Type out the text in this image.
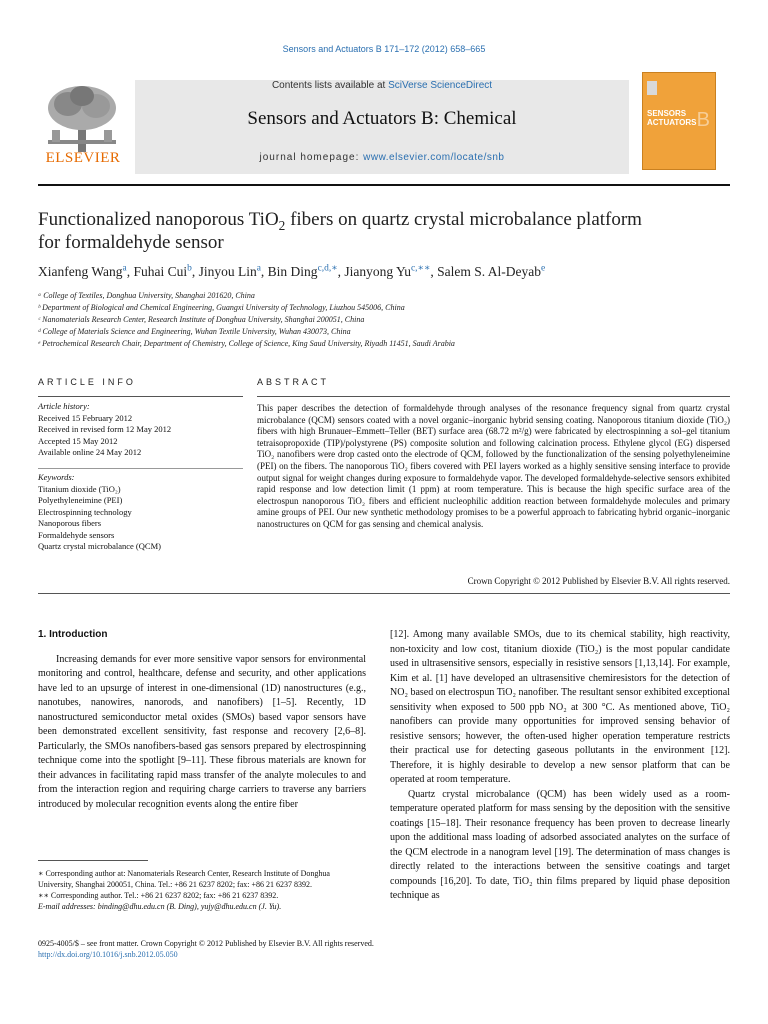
Sensors and Actuators B 171–172 (2012) 658–665
Contents lists available at SciVerse ScienceDirect
Sensors and Actuators B: Chemical
journal homepage: www.elsevier.com/locate/snb
ELSEVIER
SENSORS ACTUATORS B
Functionalized nanoporous TiO$_2$ fibers on quartz crystal microbalance platform
for formaldehyde sensor
Xianfeng Wang$^a$, Fuhai Cui$^b$, Jinyou Lin$^a$, Bin Ding$^{c,d,∗}$, Jianyong $Yu^{c,∗∗}$, Salem S. Al-Deyab$^e$
ᵃ College of Textiles, Donghua University, Shanghai 201620, China
ᵇ Department of Biological and Chemical Engineering, Guangxi University of Technology, Liuzhou 545006, China
ᶜ Nanomaterials Research Center, Research Institute of Donghua University, Shanghai 200051, China
ᵈ College of Materials Science and Engineering, Wuhan Textile University, Wuhan 430073, China
ᵉ Petrochemical Research Chair, Department of Chemistry, College of Science, King Saud University, Riyadh 11451, Saudi Arabia
ARTICLE INFO	ABSTRACT
Article history:
Received 15 February 2012
Received in revised form 12 May 2012
Accepted 15 May 2012
Available online 24 May 2012
Keywords:
Titanium dioxide (TiO₂)
Polyethyleneimine (PEI)
Electrospinning technology
Nanoporous fibers
Formaldehyde sensors
Quartz crystal microbalance (QCM)
This paper describes the detection of formaldehyde through analyses of the resonance frequency signal from quartz crystal microbalance (QCM) sensors coated with a novel organic–inorganic hybrid sensing coating. Nanoporous titanium dioxide (TiO₂) fibers with high Brunauer–Emmett–Teller (BET) surface area (68.72 m²/g) were fabricated by electrospinning a sol–gel titanium tetraisopropoxide (TIP)/polystyrene (PS) composite solution and following calcination process. Ethylene glycol (EG) dispersed TiO₂ nanofibers were drop casted onto the electrode of QCM, followed by the functionalization of the sensing polyethyleneimine (PEI) on the fibers. The nanoporous TiO₂ fibers covered with PEI layers worked as a highly sensitive sensing interface to provide output signal for weight changes during exposure to formaldehyde vapor. The developed formaldehyde-selective sensors exhibited rapid response and low detection limit (1 ppm) at room temperature. This is because the high specific surface area of the electrospun nanoporous TiO₂ fibers and efficient nucleophilic addition reaction between formaldehyde molecules and primary amine groups of PEI. Our new synthetic methodology promises to be a powerful approach to fabricating hybrid organic–inorganic nanostructures on QCM for gas sensing and chemical analysis.
Crown Copyright © 2012 Published by Elsevier B.V. All rights reserved.
1. Introduction

Increasing demands for ever more sensitive vapor sensors for environmental monitoring and control, healthcare, defense and security, and other applications have led to an upsurge of interest in one-dimensional (1D) nanostructures (e.g., nanotubes, nanowires, nanorods, and nanofibers) [1–5]. Recently, 1D nanostructured semiconductor metal oxides (SMOs) based vapor sensors have been demonstrated excellent sensitivity, fast response and recovery [2,6–8]. Particularly, the SMOs nanofibers-based gas sensors prepared by electrospinning technique come into the spotlight [9–11]. These fibrous materials are known for their advances in facilitating rapid mass transfer of the analyte molecules to and from the interaction region and requiring charge carriers to traverse any barriers introduced by molecular recognition events along the entire fiber

[12]. Among many available SMOs, due to its chemical stability, high reactivity, non-toxicity and low cost, titanium dioxide (TiO₂) is the most popular candidate used in ultrasensitive sensors, especially in resistive sensors [1,13,14]. For example, Kim et al. [1] have developed an ultrasensitive chemiresistors for the detection of NO₂ based on electrospun TiO₂ nanofiber. The resultant sensor exhibited exceptional sensitivity when exposed to 500 ppb NO₂ at 300 °C. As mentioned above, TiO₂ nanofibers can provide many opportunities for improved sensing behavior of resistive sensors; however, the often-used higher operation temperature restricts their practical use for detecting gaseous pollutants in the environment [12]. Therefore, it is highly desirable to develop a new sensor platform that can be operated at room temperature.

Quartz crystal microbalance (QCM) has been widely used as a room-temperature operated platform for mass sensing by the deposition with the sensitive coatings [15–18]. Their resonance frequency has been proven to decrease linearly upon the additional mass loading of adsorbed associated analytes on the surface of the QCM electrode in a nanogram level [19]. The determination of mass changes is directly related to the interactions between the sensitive coatings and target compounds [16,20]. To date, TiO₂ thin films prepared by liquid phase deposition technique as

∗ Corresponding author at: Nanomaterials Research Center, Research Institute of Donghua University, Shanghai 200051, China. Tel.: +86 21 6237 8202; fax: +86 21 6237 8392.
∗∗ Corresponding author. Tel.: +86 21 6237 8202; fax: +86 21 6237 8392.
E-mail addresses: binding@dhu.edu.cn (B. Ding), yujy@dhu.edu.cn (J. Yu).
0925-4005/$ – see front matter. Crown Copyright © 2012 Published by Elsevier B.V. All rights reserved.
http://dx.doi.org/10.1016/j.snb.2012.05.050
